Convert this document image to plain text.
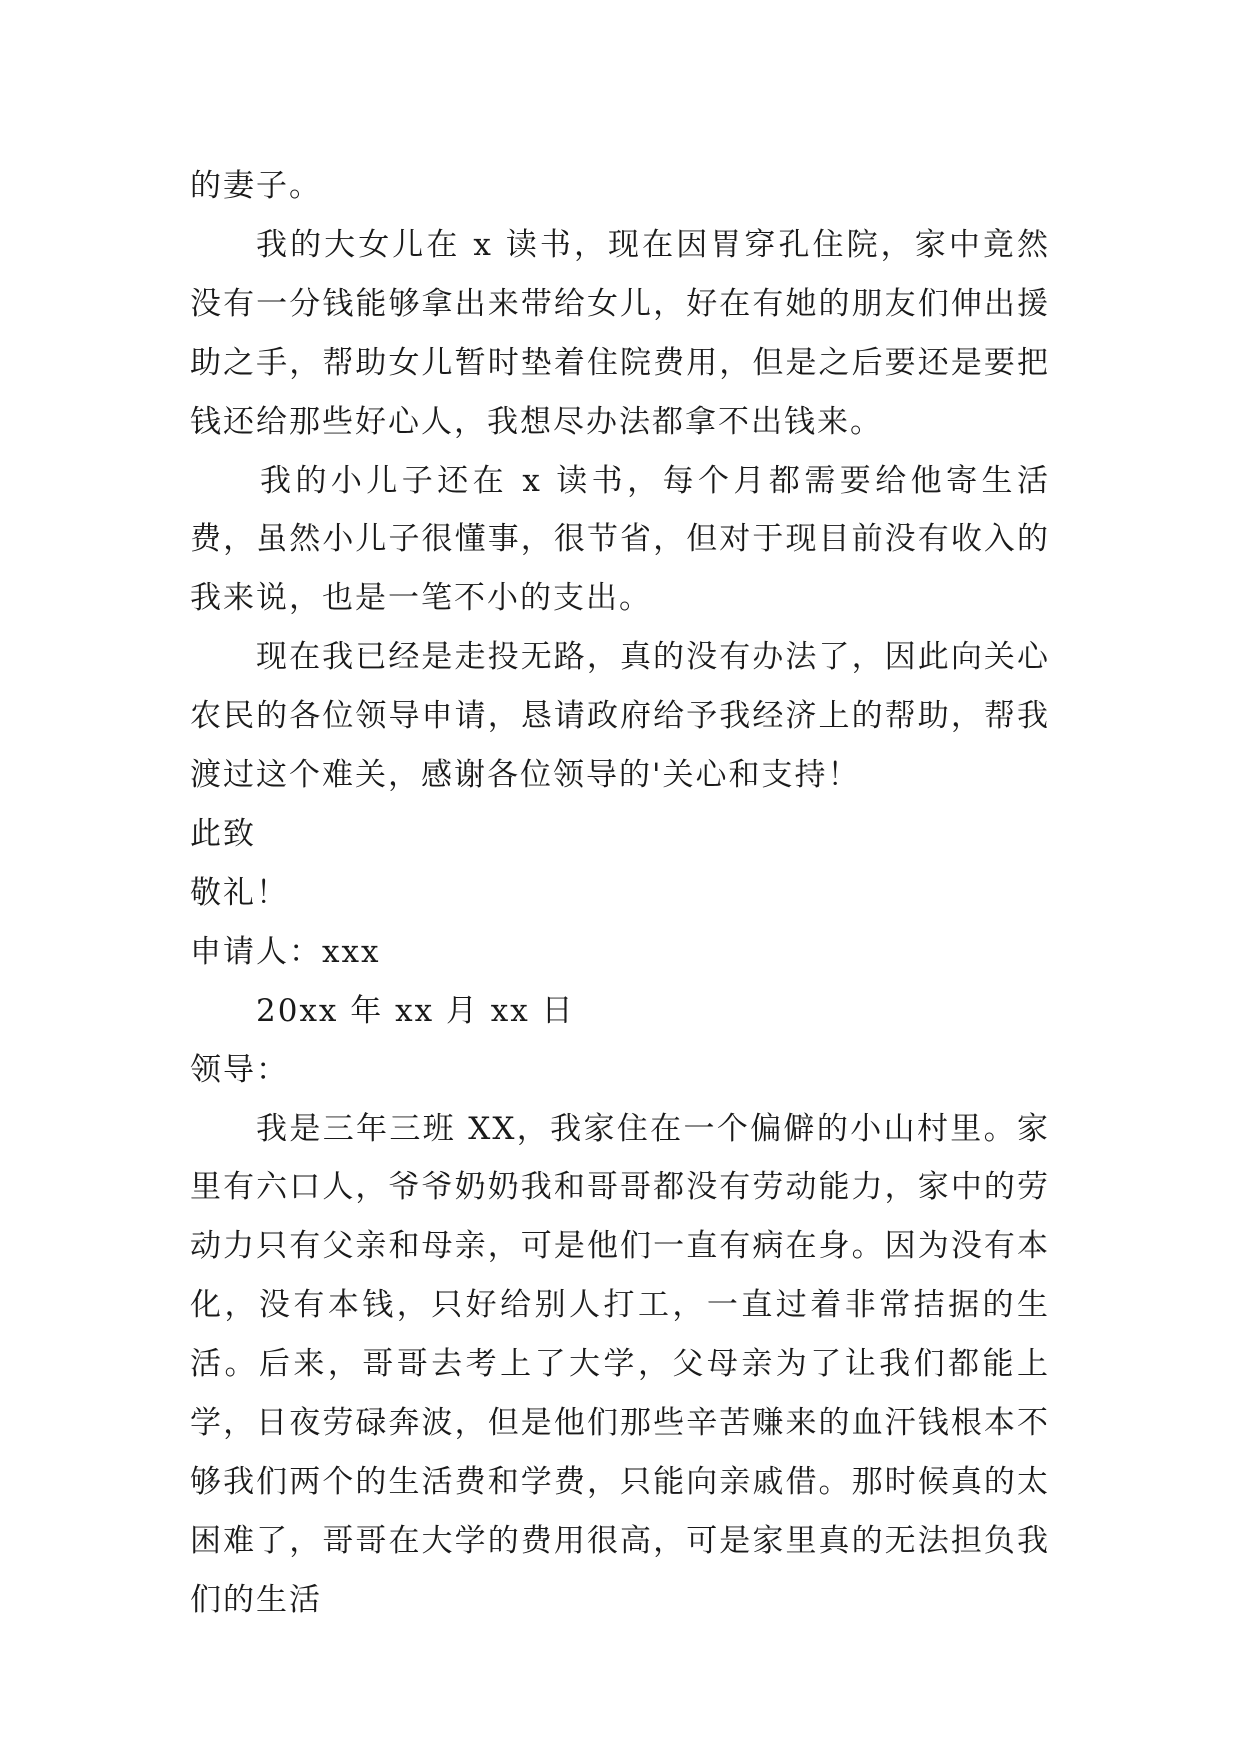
的妻子。

我的大女儿在 x 读书，现在因胃穿孔住院，家中竟然没有一分钱能够拿出来带给女儿，好在有她的朋友们伸出援助之手，帮助女儿暂时垫着住院费用，但是之后要还是要把钱还给那些好心人，我想尽办法都拿不出钱来。

我的小儿子还在 x 读书，每个月都需要给他寄生活费，虽然小儿子很懂事，很节省，但对于现目前没有收入的我来说，也是一笔不小的支出。

现在我已经是走投无路，真的没有办法了，因此向关心农民的各位领导申请，恳请政府给予我经济上的帮助，帮我渡过这个难关，感谢各位领导的'关心和支持！

此致

敬礼！

申请人：xxx

20xx 年 xx 月 xx 日

领导：

我是三年三班 XX，我家住在一个偏僻的小山村里。家里有六口人，爷爷奶奶我和哥哥都没有劳动能力，家中的劳动力只有父亲和母亲，可是他们一直有病在身。因为没有本化，没有本钱，只好给别人打工，一直过着非常拮据的生活。后来，哥哥去考上了大学，父母亲为了让我们都能上学，日夜劳碌奔波，但是他们那些辛苦赚来的血汗钱根本不够我们两个的生活费和学费，只能向亲戚借。那时候真的太困难了，哥哥在大学的费用很高，可是家里真的无法担负我们的生活
